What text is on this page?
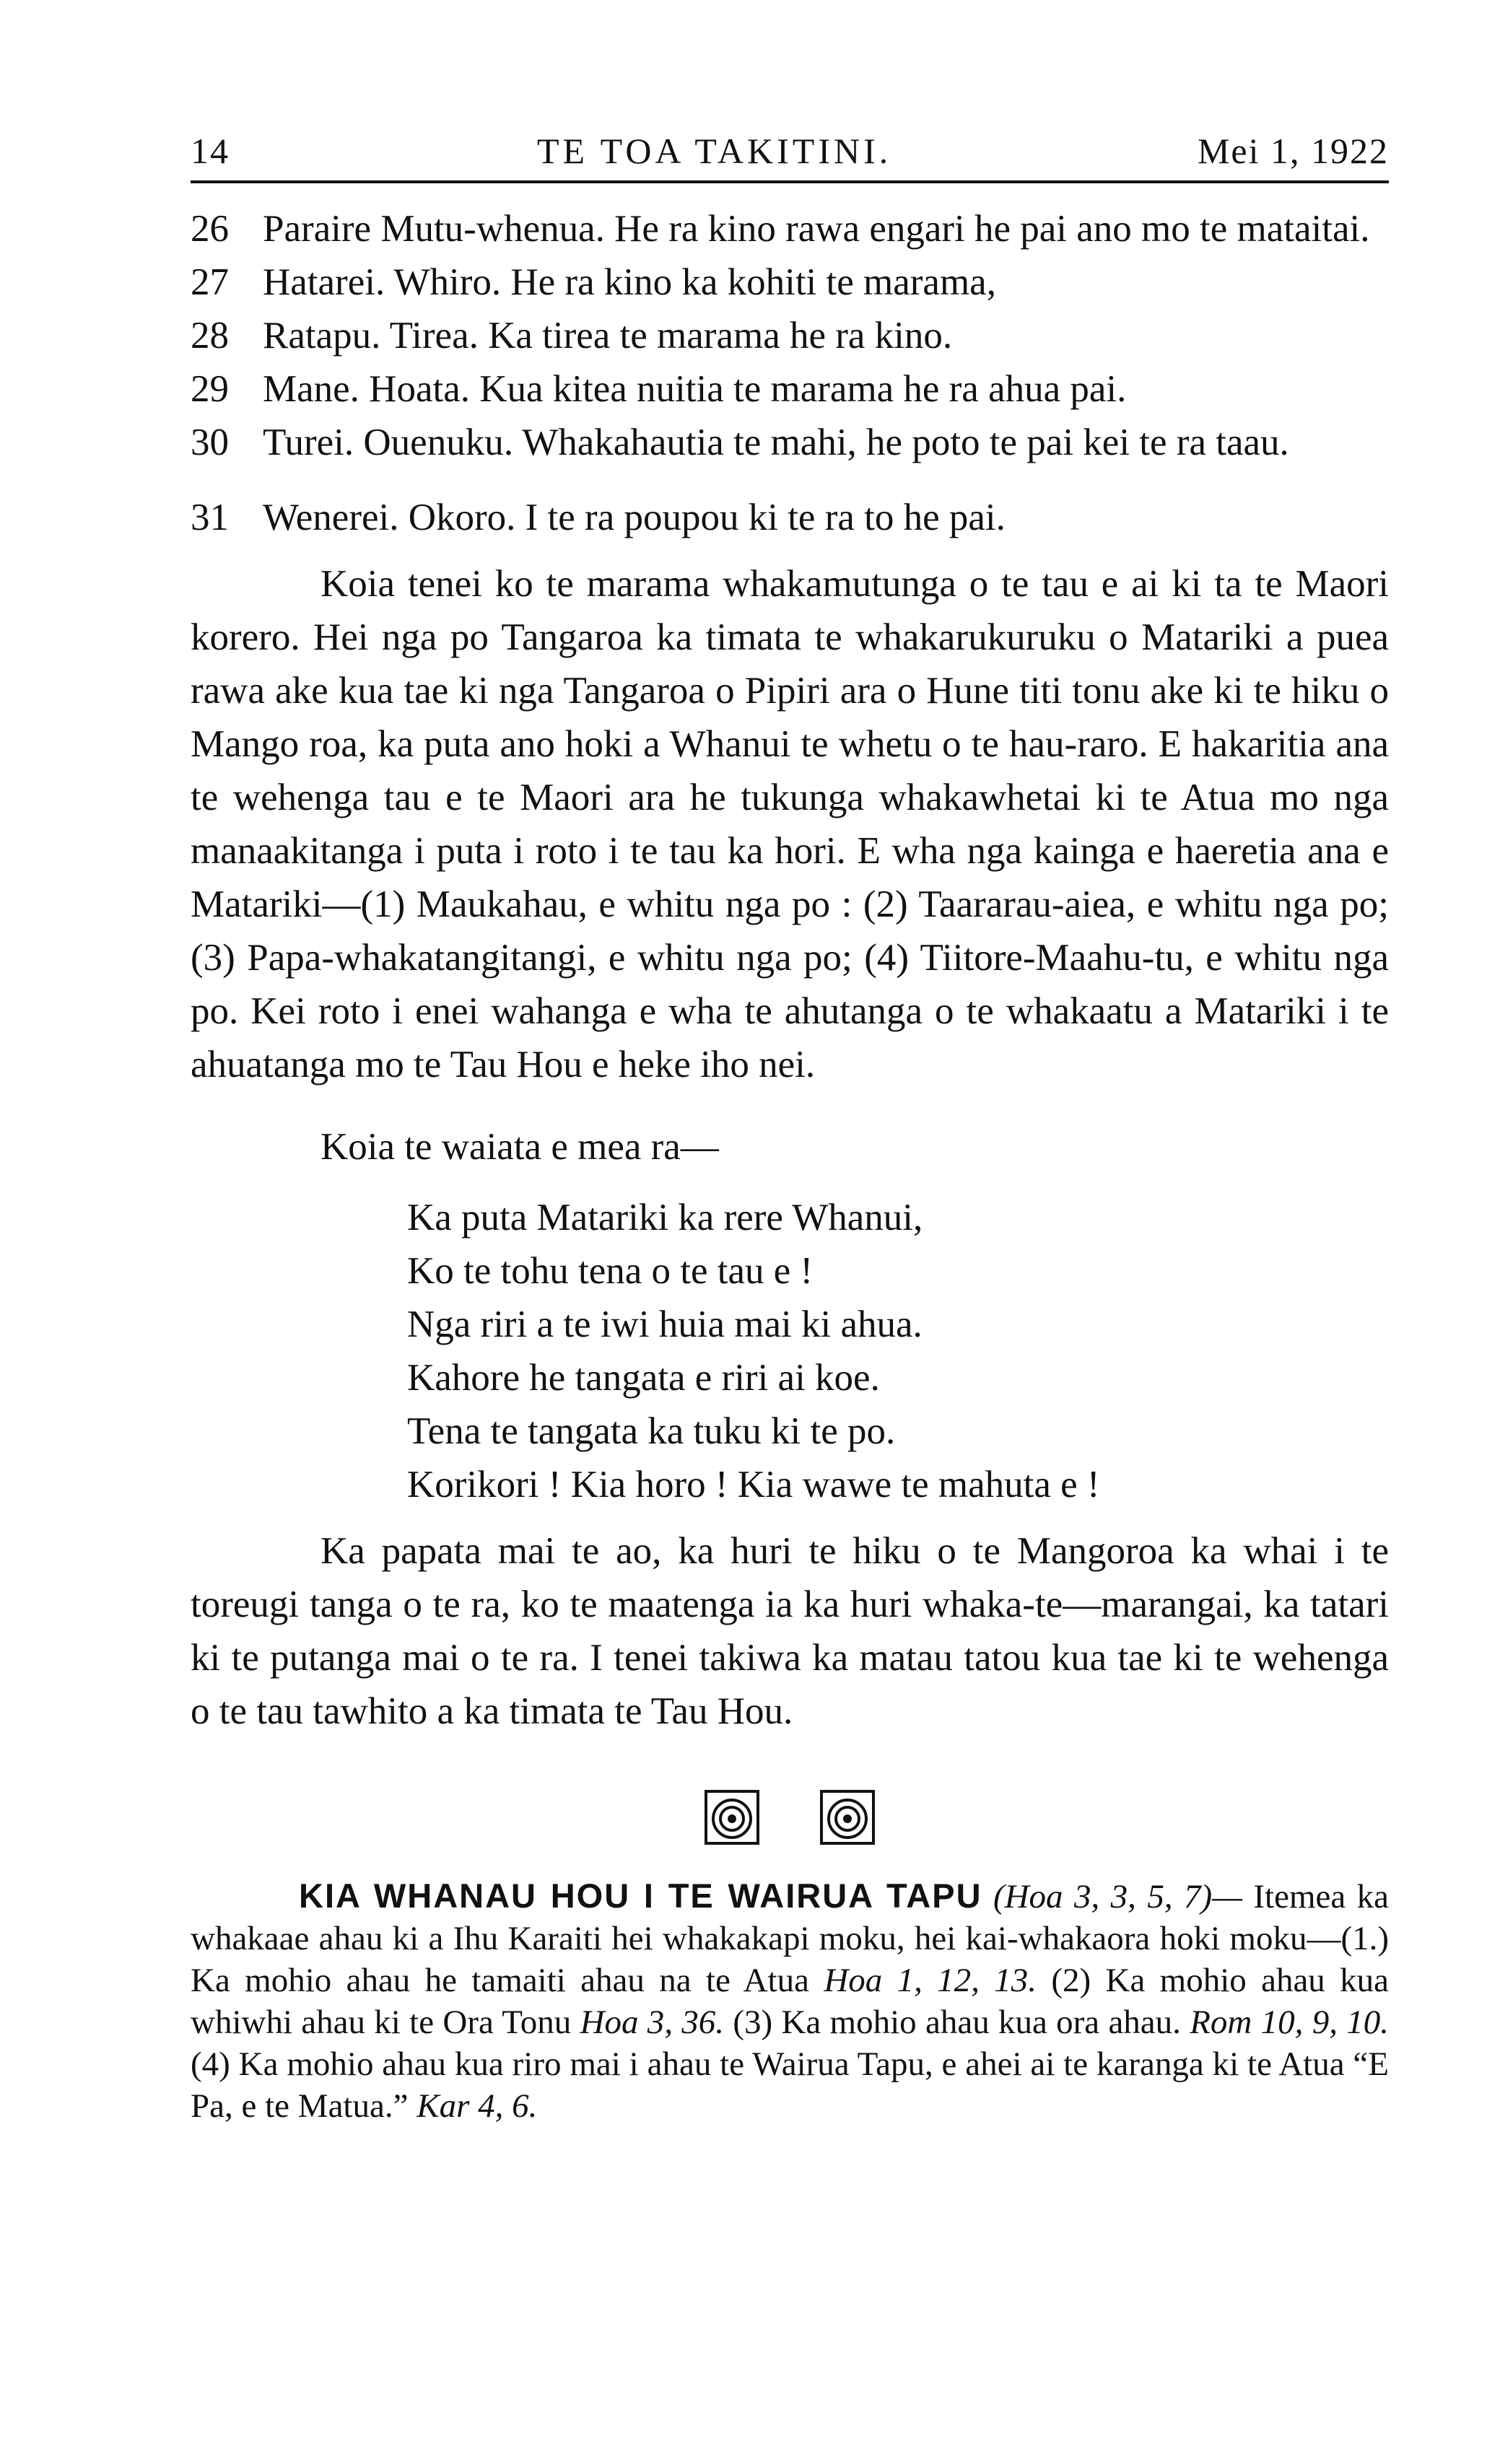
14	TE TOA TAKITINI.	Mei 1, 1922
26 Paraire Mutu-whenua. He ra kino rawa engari he pai ano mo te mataitai.
27 Hatarei. Whiro. He ra kino ka kohiti te marama,
28 Ratapu. Tirea. Ka tirea te marama he ra kino.
29 Mane. Hoata. Kua kitea nuitia te marama he ra ahua pai.
30 Turei. Ouenuku. Whakahautia te mahi, he poto te pai kei te ra taau.
31 Wenerei. Okoro. I te ra poupou ki te ra to he pai.

Koia tenei ko te marama whakamutunga o te tau e ai ki ta te Maori korero. Hei nga po Tangaroa ka timata te whakarukuruku o Matariki a puea rawa ake kua tae ki nga Tangaroa o Pipiri ara o Hune titi tonu ake ki te hiku o Mango roa, ka puta ano hoki a Whanui te whetu o te hau-raro. E hakaritia ana te wehenga tau e te Maori ara he tukunga whakawhetai ki te Atua mo nga manaakitanga i puta i roto i te tau ka hori. E wha nga kainga e haeretia ana e Matariki—(1) Maukahau, e whitu nga po : (2) Taararau-aiea, e whitu nga po; (3) Papa-whakatangitangi, e whitu nga po; (4) Tiitore-Maahu-tu, e whitu nga po. Kei roto i enei wahanga e wha te ahutanga o te whakaatu a Matariki i te ahuatanga mo te Tau Hou e heke iho nei.

Koia te waiata e mea ra—

Ka puta Matariki ka rere Whanui,
Ko te tohu tena o te tau e !
Nga riri a te iwi huia mai ki ahua.
Kahore he tangata e riri ai koe.
Tena te tangata ka tuku ki te po.
Korikori ! Kia horo ! Kia wawe te mahuta e !

Ka papata mai te ao, ka huri te hiku o te Mangoroa ka whai i te toreugi tanga o te ra, ko te maatenga ia ka huri whaka-te—marangai, ka tatari ki te putanga mai o te ra. I tenei takiwa ka matau tatou kua tae ki te wehenga o te tau tawhito a ka timata te Tau Hou.

KIA WHANAU HOU I TE WAIRUA TAPU (Hoa 3, 3, 5, 7)— Itemea ka whakaae ahau ki a Ihu Karaiti hei whakakapi moku, hei kai-whakaora hoki moku—(1.) Ka mohio ahau he tamaiti ahau na te Atua Hoa 1, 12, 13. (2) Ka mohio ahau kua whiwhi ahau ki te Ora Tonu Hoa 3, 36. (3) Ka mohio ahau kua ora ahau. Rom 10, 9, 10. (4) Ka mohio ahau kua riro mai i ahau te Wairua Tapu, e ahei ai te karanga ki te Atua “E Pa, e te Matua.” Kar 4, 6.
